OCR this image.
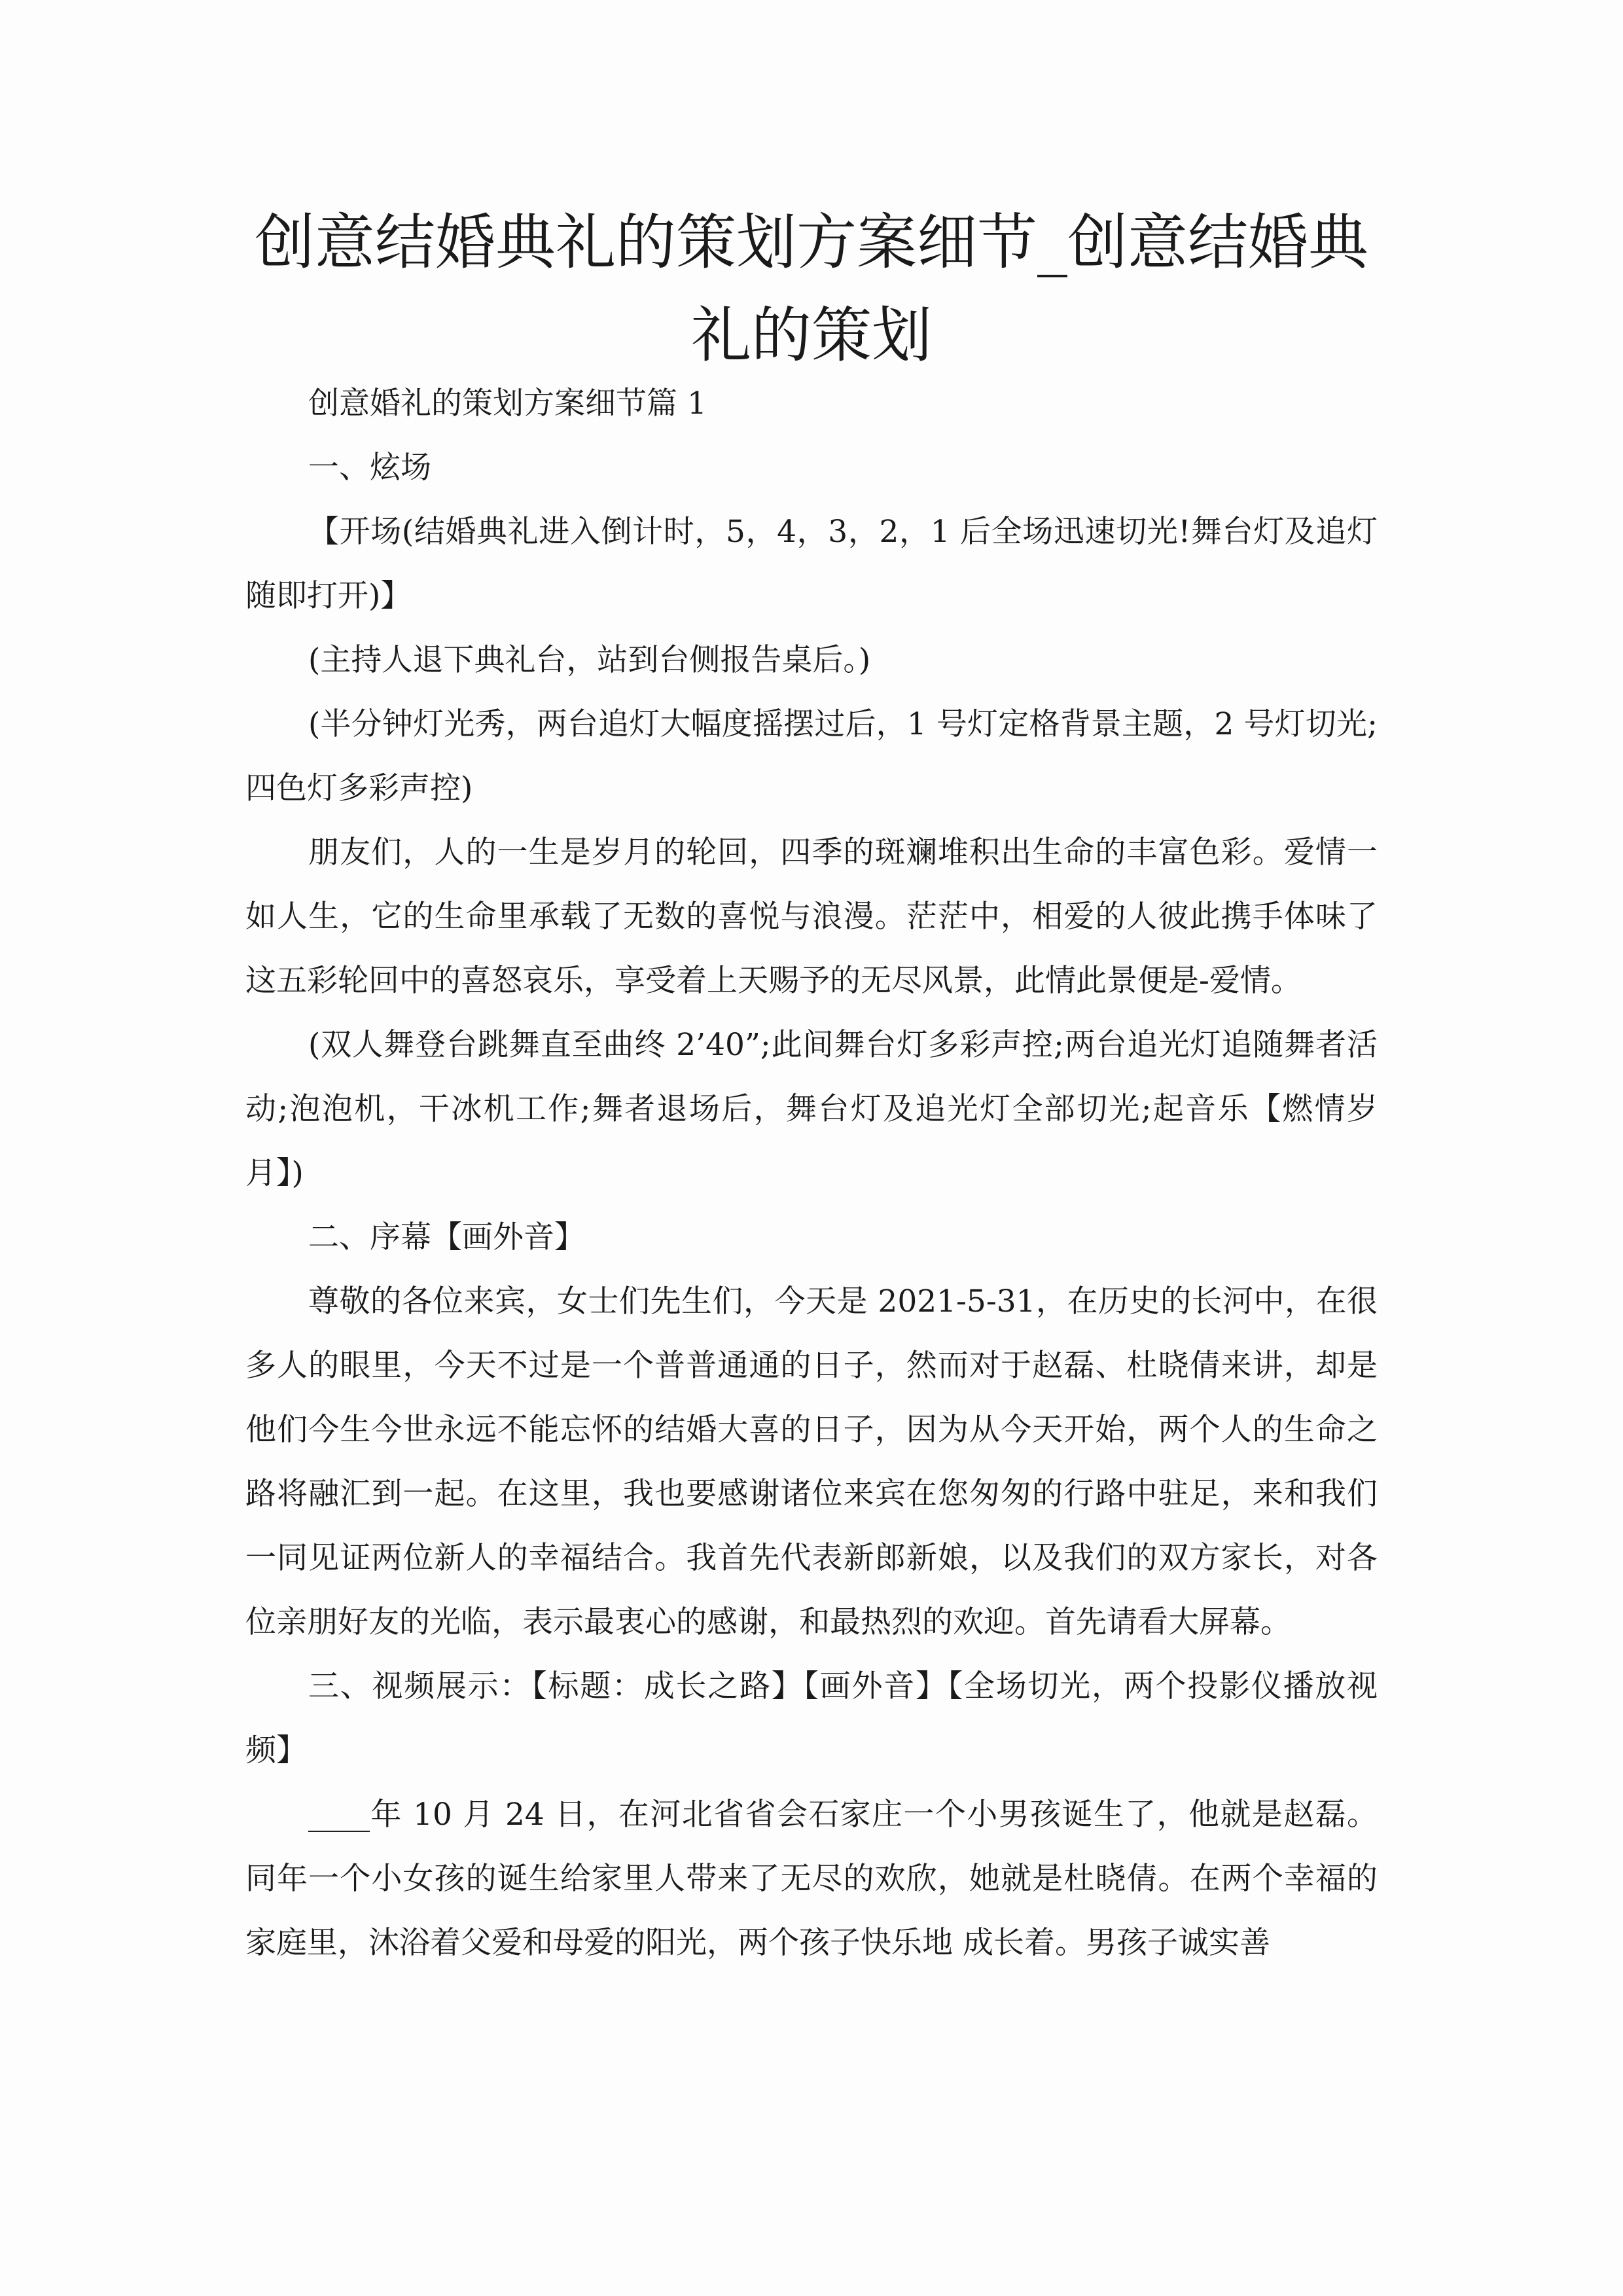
创意结婚典礼的策划方案细节_创意结婚典礼的策划

创意婚礼的策划方案细节篇 1

一、炫场

【开场(结婚典礼进入倒计时，5，4，3，2，1 后全场迅速切光!舞台灯及追灯随即打开)】

(主持人退下典礼台，站到台侧报告桌后。)

(半分钟灯光秀，两台追灯大幅度摇摆过后，1 号灯定格背景主题，2 号灯切光;四色灯多彩声控)

朋友们，人的一生是岁月的轮回，四季的斑斓堆积出生命的丰富色彩。爱情一如人生，它的生命里承载了无数的喜悦与浪漫。茫茫中，相爱的人彼此携手体味了这五彩轮回中的喜怒哀乐，享受着上天赐予的无尽风景，此情此景便是-爱情。

(双人舞登台跳舞直至曲终 2’40”;此间舞台灯多彩声控;两台追光灯追随舞者活动;泡泡机，干冰机工作;舞者退场后，舞台灯及追光灯全部切光;起音乐【燃情岁月】)

二、序幕【画外音】

尊敬的各位来宾，女士们先生们，今天是 2021-5-31，在历史的长河中，在很多人的眼里，今天不过是一个普普通通的日子，然而对于赵磊、杜晓倩来讲，却是他们今生今世永远不能忘怀的结婚大喜的日子，因为从今天开始，两个人的生命之路将融汇到一起。在这里，我也要感谢诸位来宾在您匆匆的行路中驻足，来和我们一同见证两位新人的幸福结合。我首先代表新郎新娘，以及我们的双方家长，对各位亲朋好友的光临，表示最衷心的感谢，和最热烈的欢迎。首先请看大屏幕。

三、视频展示：【标题：成长之路】【画外音】【全场切光，两个投影仪播放视频】

____年 10 月 24 日，在河北省省会石家庄一个小男孩诞生了，他就是赵磊。同年一个小女孩的诞生给家里人带来了无尽的欢欣，她就是杜晓倩。在两个幸福的家庭里，沐浴着父爱和母爱的阳光，两个孩子快乐地 成长着。男孩子诚实善
